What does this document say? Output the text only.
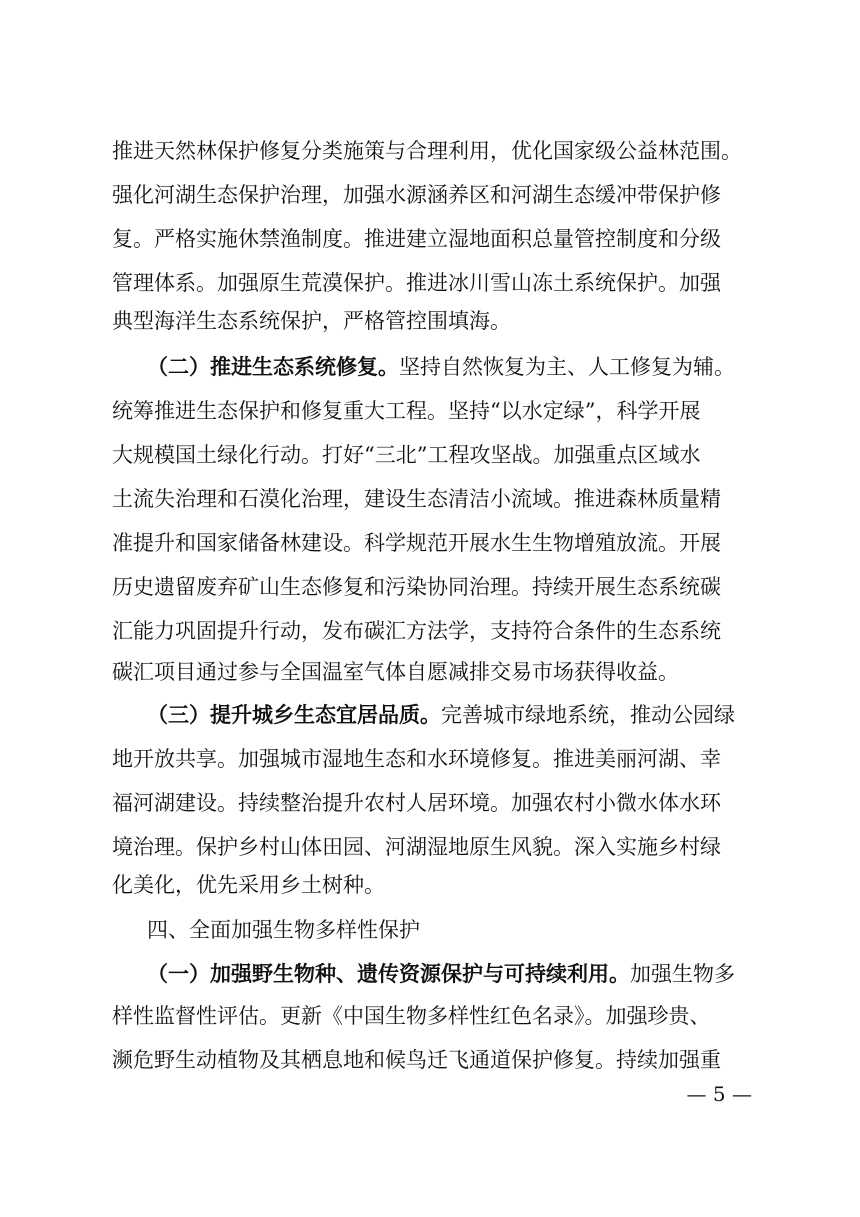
推进天然林保护修复分类施策与合理利用，优化国家级公益林范围。
强化河湖生态保护治理，加强水源涵养区和河湖生态缓冲带保护修
复。严格实施休禁渔制度。推进建立湿地面积总量管控制度和分级
管理体系。加强原生荒漠保护。推进冰川雪山冻土系统保护。加强
典型海洋生态系统保护，严格管控围填海。
（二）推进生态系统修复。坚持自然恢复为主、人工修复为辅。
统筹推进生态保护和修复重大工程。坚持“以水定绿”，科学开展
大规模国土绿化行动。打好“三北”工程攻坚战。加强重点区域水
土流失治理和石漠化治理，建设生态清洁小流域。推进森林质量精
准提升和国家储备林建设。科学规范开展水生生物增殖放流。开展
历史遗留废弃矿山生态修复和污染协同治理。持续开展生态系统碳
汇能力巩固提升行动，发布碳汇方法学，支持符合条件的生态系统
碳汇项目通过参与全国温室气体自愿减排交易市场获得收益。
（三）提升城乡生态宜居品质。完善城市绿地系统，推动公园绿
地开放共享。加强城市湿地生态和水环境修复。推进美丽河湖、幸
福河湖建设。持续整治提升农村人居环境。加强农村小微水体水环
境治理。保护乡村山体田园、河湖湿地原生风貌。深入实施乡村绿
化美化，优先采用乡土树种。
四、全面加强生物多样性保护
（一）加强野生物种、遗传资源保护与可持续利用。加强生物多
样性监督性评估。更新《中国生物多样性红色名录》。加强珍贵、
濒危野生动植物及其栖息地和候鸟迁飞通道保护修复。持续加强重
— 5 —
